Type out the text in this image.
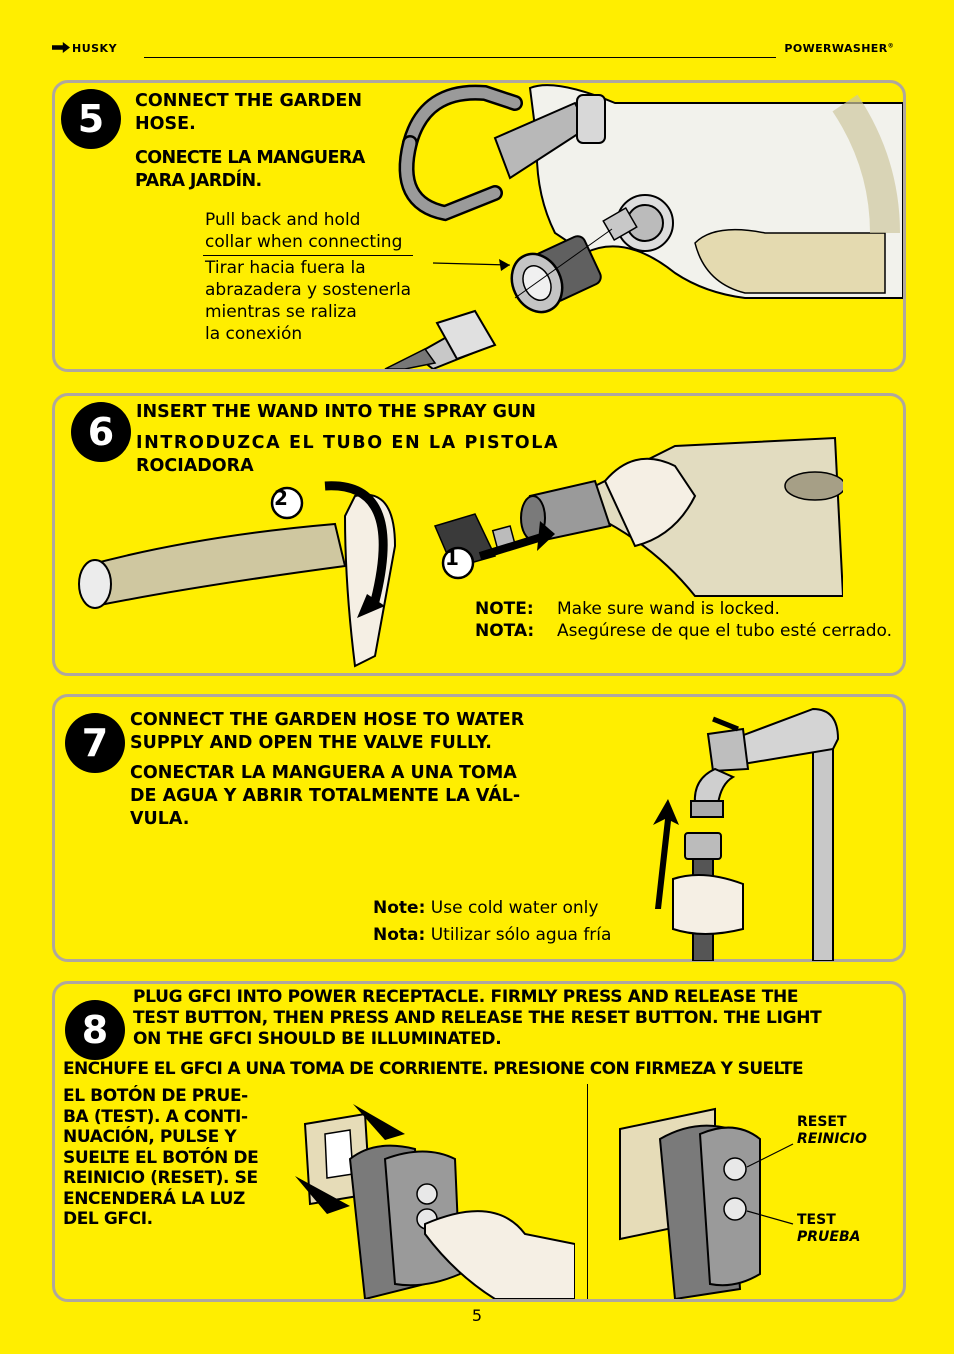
HUSKY	POWERWASHER®
5	CONNECT THE GARDEN HOSE.
CONECTE LA MANGUERA PARA JARDÍN.
Pull back and hold
collar when connecting
Tirar hacia fuera la
abrazadera y sostenerla
mientras se raliza
la conexión
6	INSERT THE WAND INTO THE SPRAY GUN
INTRODUZCA EL TUBO EN LA PISTOLA
ROCIADORA
2
1
NOTE: Make sure wand is locked.
NOTA: Asegúrese de que el tubo esté cerrado.
7
CONNECT THE GARDEN HOSE TO WATER
SUPPLY AND OPEN THE VALVE FULLY.
CONECTAR LA MANGUERA A UNA TOMA
DE AGUA Y ABRIR TOTALMENTE LA VÁL-
VULA.
Note: Use cold water only
Nota: Utilizar sólo agua fría
8
PLUG GFCI INTO POWER RECEPTACLE. FIRMLY PRESS AND RELEASE THE
TEST BUTTON, THEN PRESS AND RELEASE THE RESET BUTTON. THE LIGHT
ON THE GFCI SHOULD BE ILLUMINATED.
ENCHUFE EL GFCI A UNA TOMA DE CORRIENTE. PRESIONE CON FIRMEZA Y SUELTE
EL BOTÓN DE PRUE-
BA (TEST). A CONTI-
NUACIÓN, PULSE Y
SUELTE EL BOTÓN DE
REINICIO (RESET). SE
ENCENDERÁ LA LUZ
DEL GFCI.
RESET
REINICIO
TEST
PRUEBA
5
